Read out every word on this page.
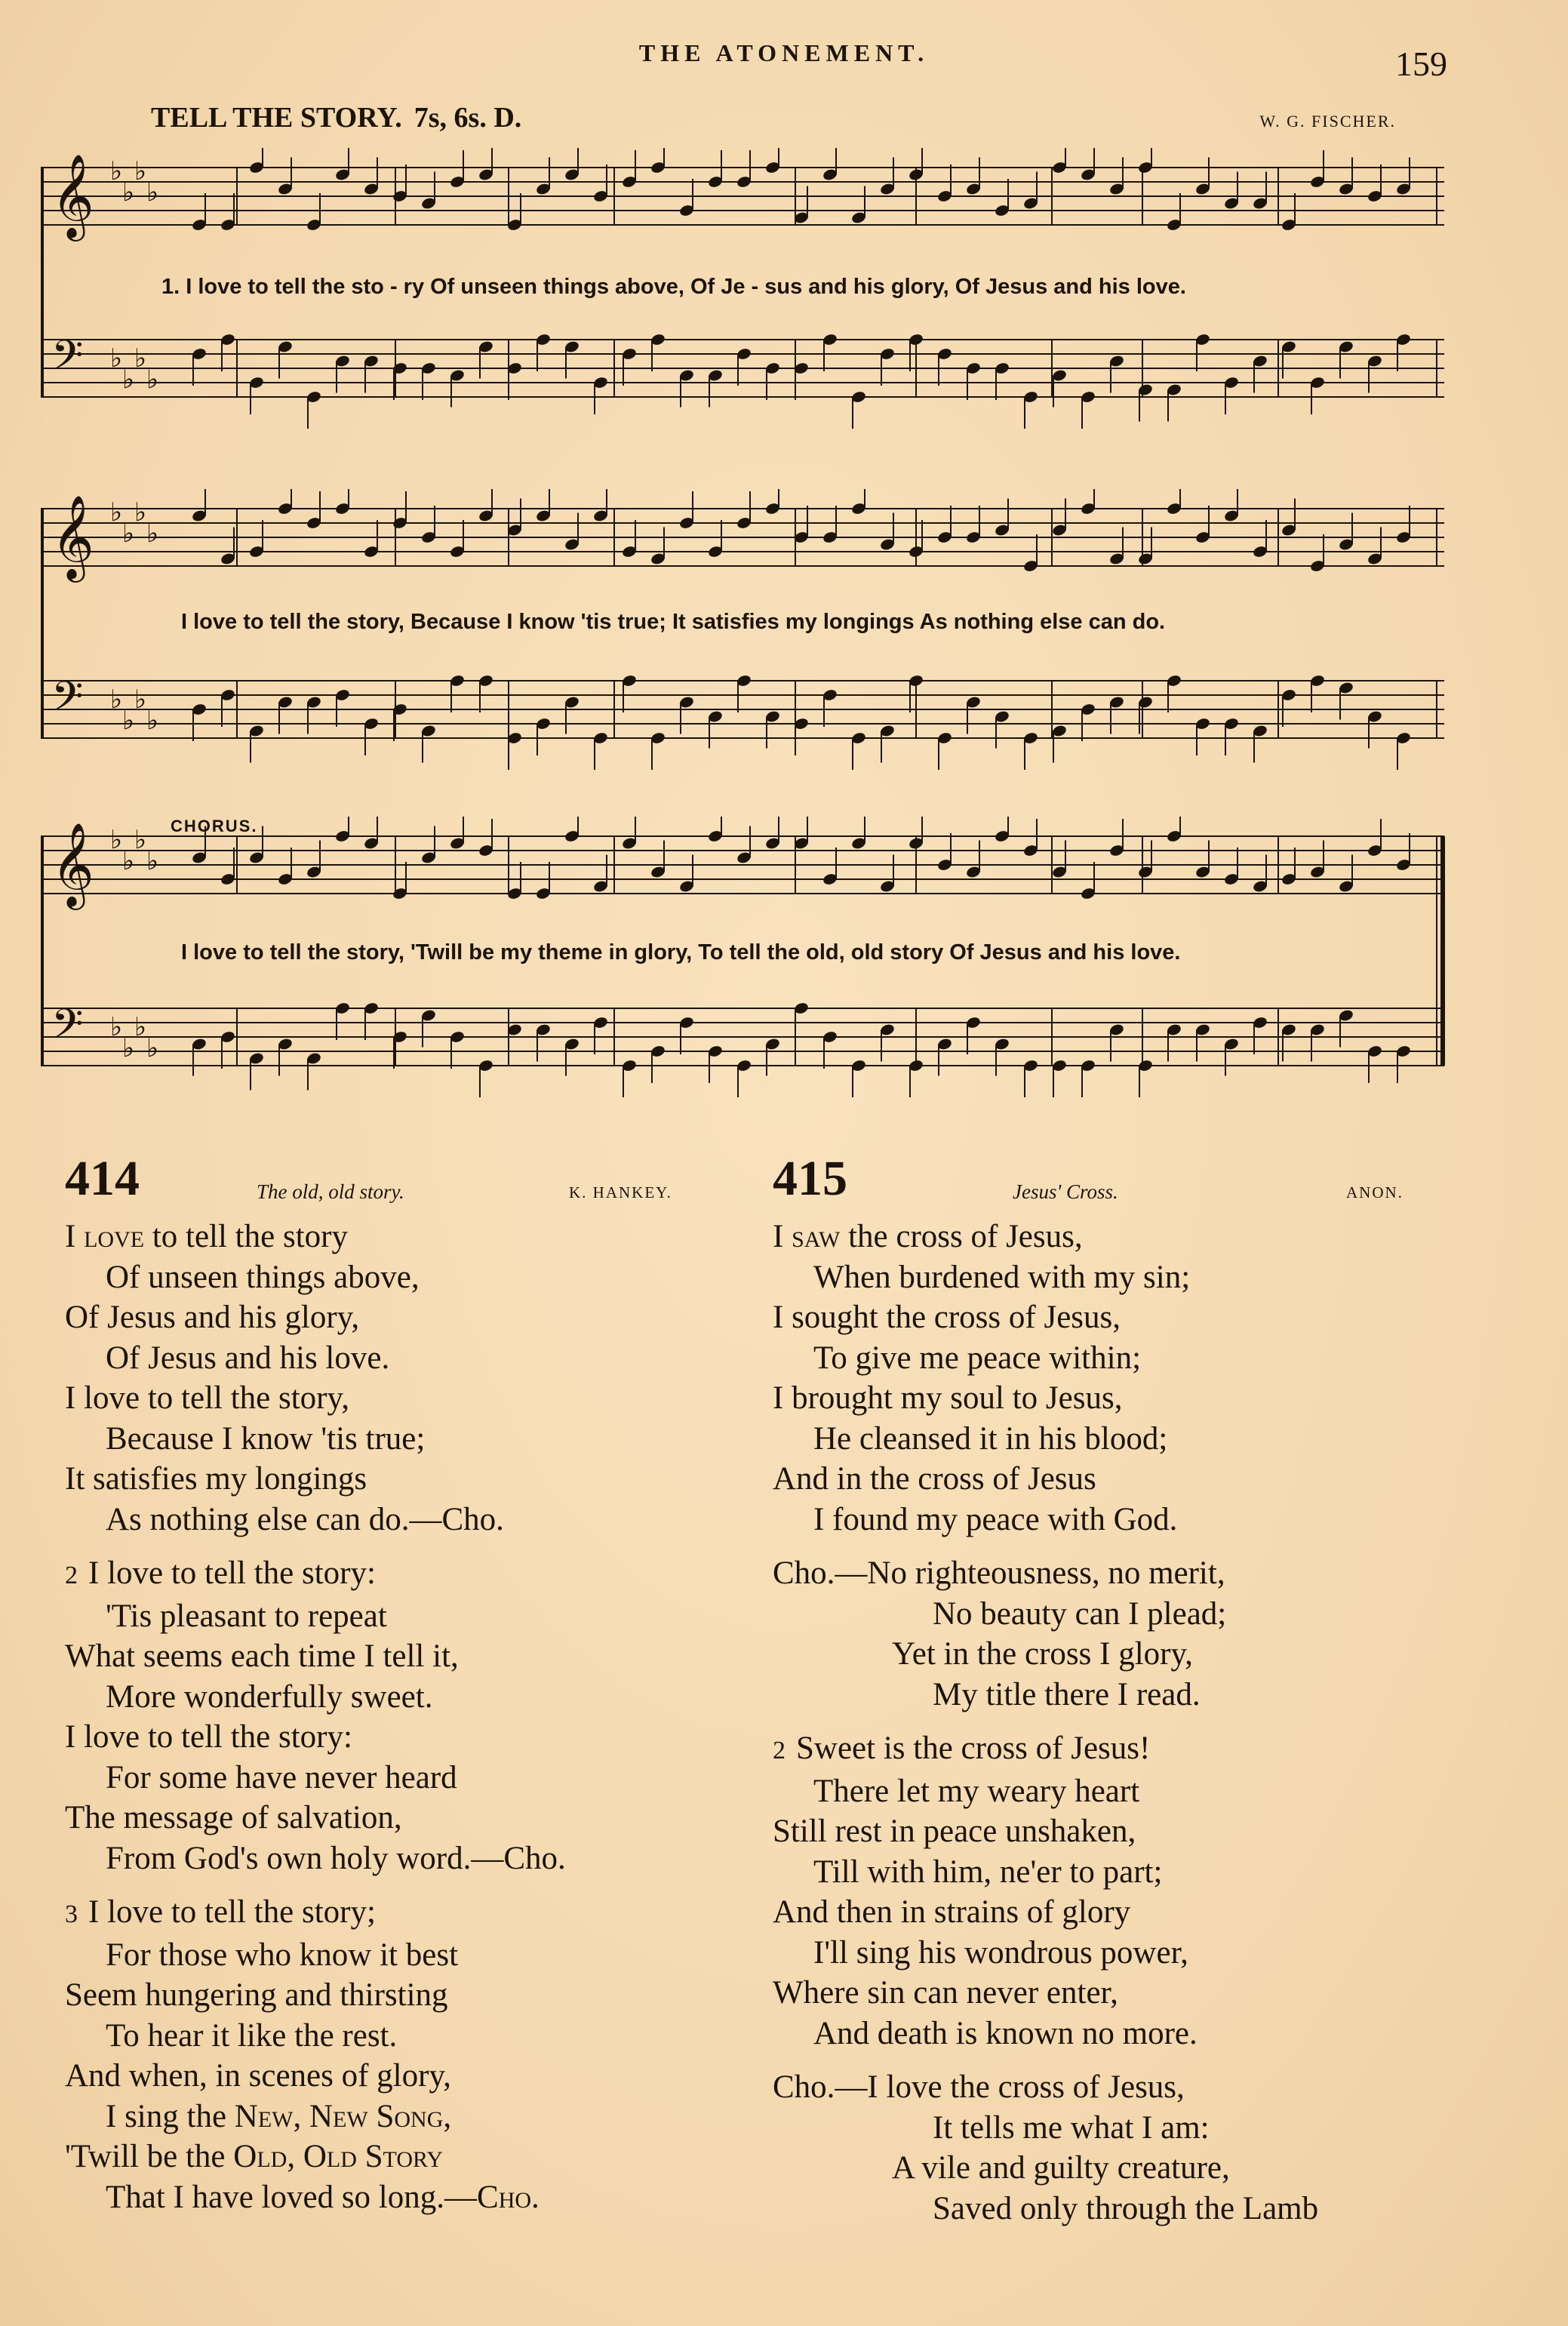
THE ATONEMENT.	159
TELL THE STORY. 7s, 6s. D.	W. G. FISCHER.
𝄞
𝄢
♭
♭
♭
♭
♭
♭
♭
♭
1. I love to tell the sto - ry Of unseen things above, Of Je - sus and his glory, Of Jesus and his love.
𝄞
𝄢
♭
♭
♭
♭
♭
♭
♭
♭
I love to tell the story, Because I know 'tis true; It satisfies my longings As nothing else can do.
𝄞
𝄢
♭
♭
♭
♭
♭
♭
♭
♭
CHORUS.
I love to tell the story, 'Twill be my theme in glory, To tell the old, old story Of Jesus and his love.
414	The old, old story.	K. HANKEY.
I love to tell the story
Of unseen things above,
Of Jesus and his glory,
Of Jesus and his love.
I love to tell the story,
Because I know 'tis true;
It satisfies my longings
As nothing else can do.—Cho.
2 I love to tell the story:
'Tis pleasant to repeat
What seems each time I tell it,
More wonderfully sweet.
I love to tell the story:
For some have never heard
The message of salvation,
From God's own holy word.—Cho.
3 I love to tell the story;
For those who know it best
Seem hungering and thirsting
To hear it like the rest.
And when, in scenes of glory,
I sing the New, New Song,
'Twill be the Old, Old Story
That I have loved so long.—Cho.
415	Jesus' Cross.	ANON.
I saw the cross of Jesus,
When burdened with my sin;
I sought the cross of Jesus,
To give me peace within;
I brought my soul to Jesus,
He cleansed it in his blood;
And in the cross of Jesus
I found my peace with God.
Cho.—No righteousness, no merit,
No beauty can I plead;
Yet in the cross I glory,
My title there I read.
2 Sweet is the cross of Jesus!
There let my weary heart
Still rest in peace unshaken,
Till with him, ne'er to part;
And then in strains of glory
I'll sing his wondrous power,
Where sin can never enter,
And death is known no more.
Cho.—I love the cross of Jesus,
It tells me what I am:
A vile and guilty creature,
Saved only through the Lamb
